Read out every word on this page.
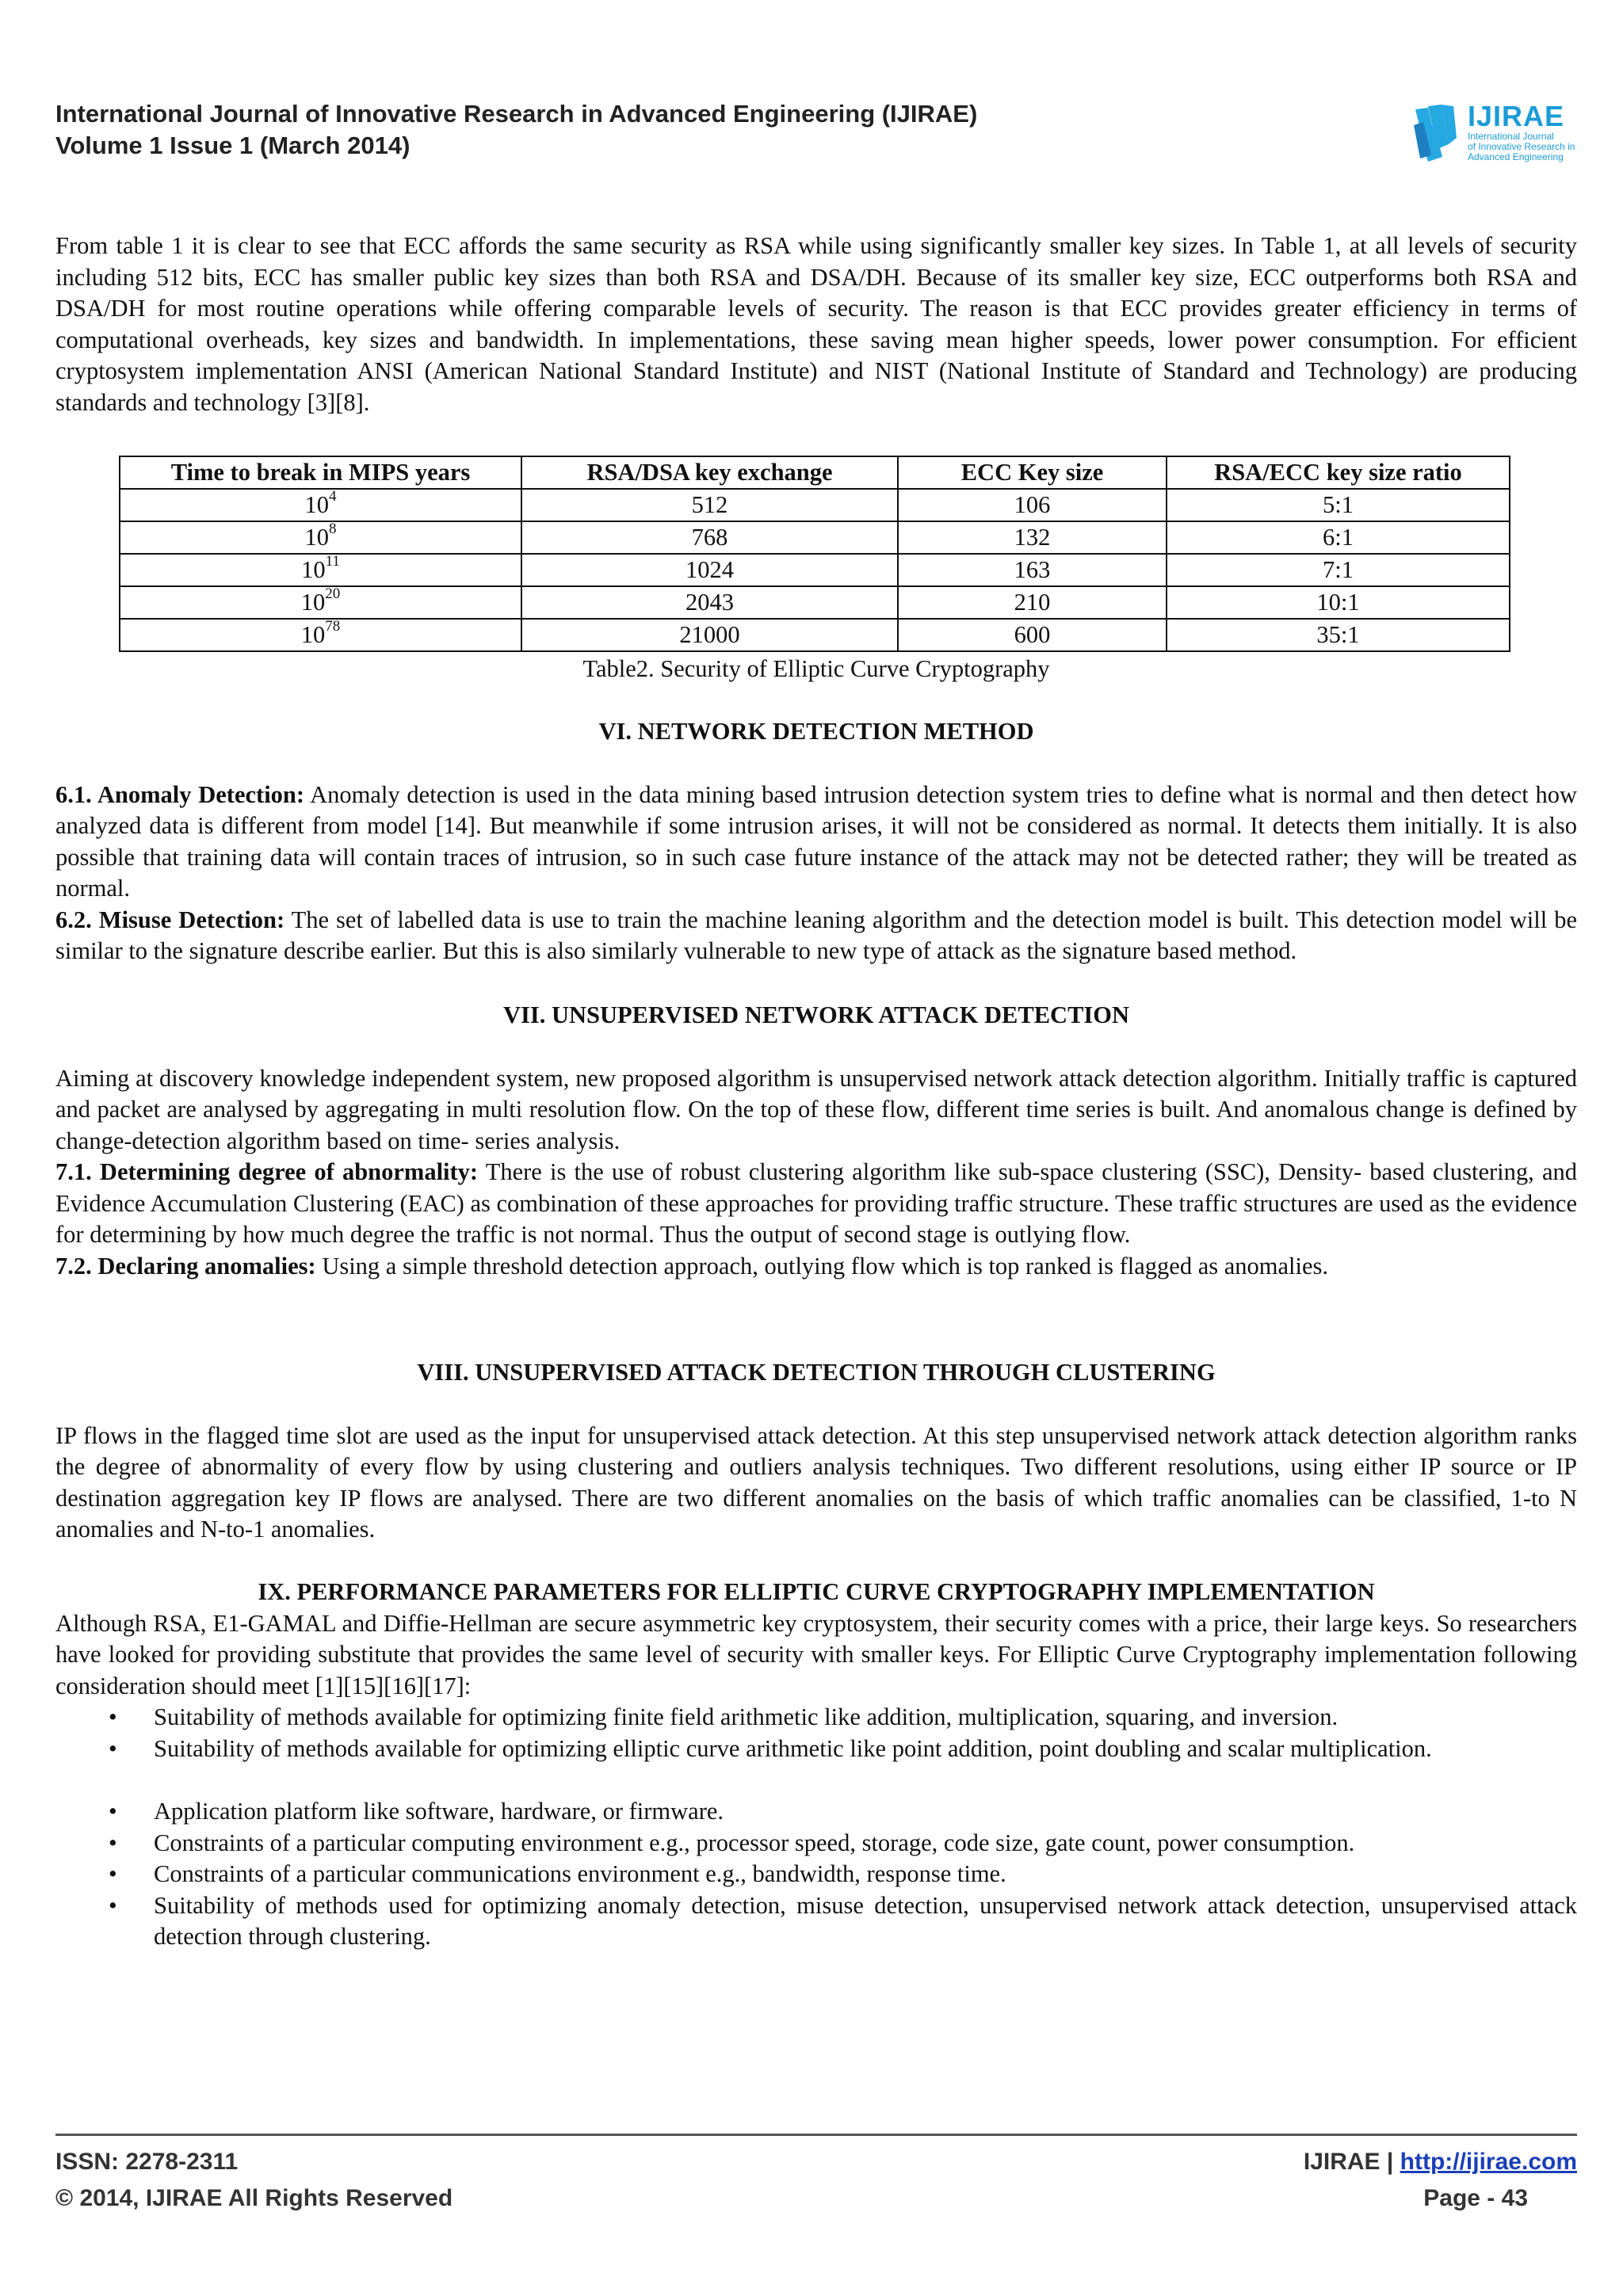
International Journal of Innovative Research in Advanced Engineering (IJIRAE)
Volume 1 Issue 1 (March 2014)
IJIRAE
International Journal
of Innovative Research in
Advanced Engineering

From table 1 it is clear to see that ECC affords the same security as RSA while using significantly smaller key sizes. In Table 1, at all levels of security including 512 bits, ECC has smaller public key sizes than both RSA and DSA/DH. Because of its smaller key size, ECC outperforms both RSA and DSA/DH for most routine operations while offering comparable levels of security. The reason is that ECC provides greater efficiency in terms of computational overheads, key sizes and bandwidth. In implementations, these saving mean higher speeds, lower power consumption. For efficient cryptosystem implementation ANSI (American National Standard Institute) and NIST (National Institute of Standard and Technology) are producing standards and technology [3][8].

Time to break in MIPS years	RSA/DSA key exchange	ECC Key size	RSA/ECC key size ratio
$10^4$	512	106	5:1
$10^8$	768	132	6:1
$10^{11}$	1024	163	7:1
$10^{20}$	2043	210	10:1
$10^{78}$	21000	600	35:1

Table2. Security of Elliptic Curve Cryptography

VI. NETWORK DETECTION METHOD

6.1. Anomaly Detection: Anomaly detection is used in the data mining based intrusion detection system tries to define what is normal and then detect how analyzed data is different from model [14]. But meanwhile if some intrusion arises, it will not be considered as normal. It detects them initially. It is also possible that training data will contain traces of intrusion, so in such case future instance of the attack may not be detected rather; they will be treated as normal.

6.2. Misuse Detection: The set of labelled data is use to train the machine leaning algorithm and the detection model is built. This detection model will be similar to the signature describe earlier. But this is also similarly vulnerable to new type of attack as the signature based method.

VII. UNSUPERVISED NETWORK ATTACK DETECTION

Aiming at discovery knowledge independent system, new proposed algorithm is unsupervised network attack detection algorithm. Initially traffic is captured and packet are analysed by aggregating in multi resolution flow. On the top of these flow, different time series is built. And anomalous change is defined by change-detection algorithm based on time- series analysis.

7.1. Determining degree of abnormality: There is the use of robust clustering algorithm like sub-space clustering (SSC), Density- based clustering, and Evidence Accumulation Clustering (EAC) as combination of these approaches for providing traffic structure. These traffic structures are used as the evidence for determining by how much degree the traffic is not normal. Thus the output of second stage is outlying flow.

7.2. Declaring anomalies: Using a simple threshold detection approach, outlying flow which is top ranked is flagged as anomalies.

VIII. UNSUPERVISED ATTACK DETECTION THROUGH CLUSTERING

IP flows in the flagged time slot are used as the input for unsupervised attack detection. At this step unsupervised network attack detection algorithm ranks the degree of abnormality of every flow by using clustering and outliers analysis techniques. Two different resolutions, using either IP source or IP destination aggregation key IP flows are analysed. There are two different anomalies on the basis of which traffic anomalies can be classified, 1-to N anomalies and N-to-1 anomalies.

IX. PERFORMANCE PARAMETERS FOR ELLIPTIC CURVE CRYPTOGRAPHY IMPLEMENTATION

Although RSA, E1-GAMAL and Diffie-Hellman are secure asymmetric key cryptosystem, their security comes with a price, their large keys. So researchers have looked for providing substitute that provides the same level of security with smaller keys. For Elliptic Curve Cryptography implementation following consideration should meet [1][15][16][17]:

• Suitability of methods available for optimizing finite field arithmetic like addition, multiplication, squaring, and inversion.
• Suitability of methods available for optimizing elliptic curve arithmetic like point addition, point doubling and scalar multiplication.
• Application platform like software, hardware, or firmware.
• Constraints of a particular computing environment e.g., processor speed, storage, code size, gate count, power consumption.
• Constraints of a particular communications environment e.g., bandwidth, response time.
• Suitability of methods used for optimizing anomaly detection, misuse detection, unsupervised network attack detection, unsupervised attack detection through clustering.
ISSN: 2278-2311
© 2014, IJIRAE All Rights Reserved
IJIRAE | http://ijirae.com
Page - 43
